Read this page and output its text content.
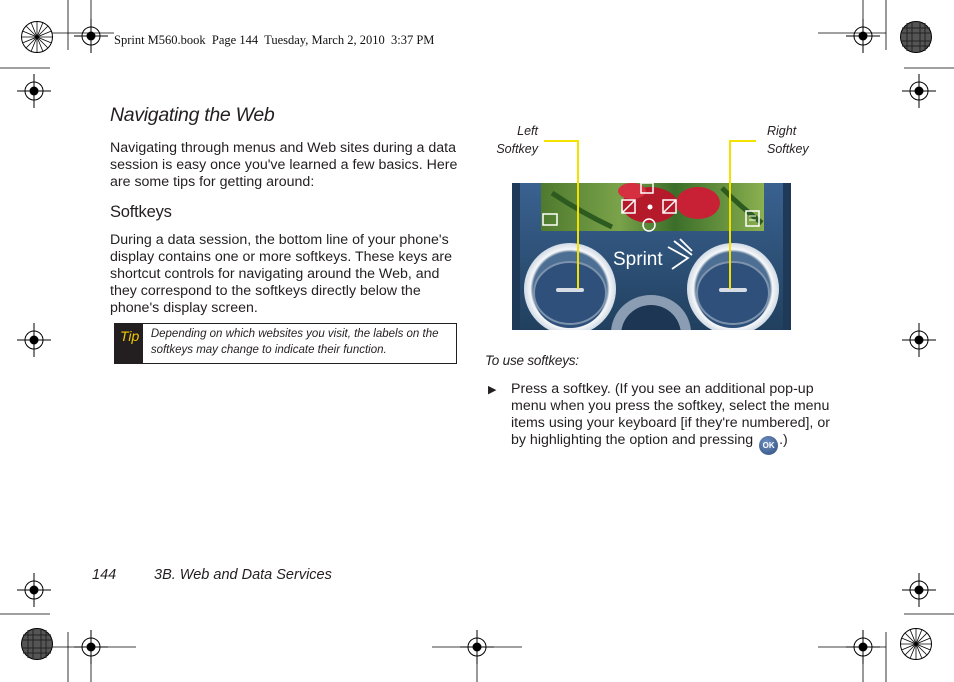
Sprint M560.book  Page 144  Tuesday, March 2, 2010  3:37 PM
Navigating the Web
Navigating through menus and Web sites during a data session is easy once you've learned a few basics. Here are some tips for getting around:
Softkeys
During a data session, the bottom line of your phone's display contains one or more softkeys. These keys are shortcut controls for navigating around the Web, and they correspond to the softkeys directly below the phone's display screen.
Tip	Depending on which websites you visit, the labels on the softkeys may change to indicate their function.
Left
Softkey
Right
Softkey
Sprint
To use softkeys:
▶ Press a softkey. (If you see an additional pop-up menu when you press the softkey, select the menu items using your keyboard [if they're numbered], or by highlighting the option and pressing OK .)
144	3B. Web and Data Services
